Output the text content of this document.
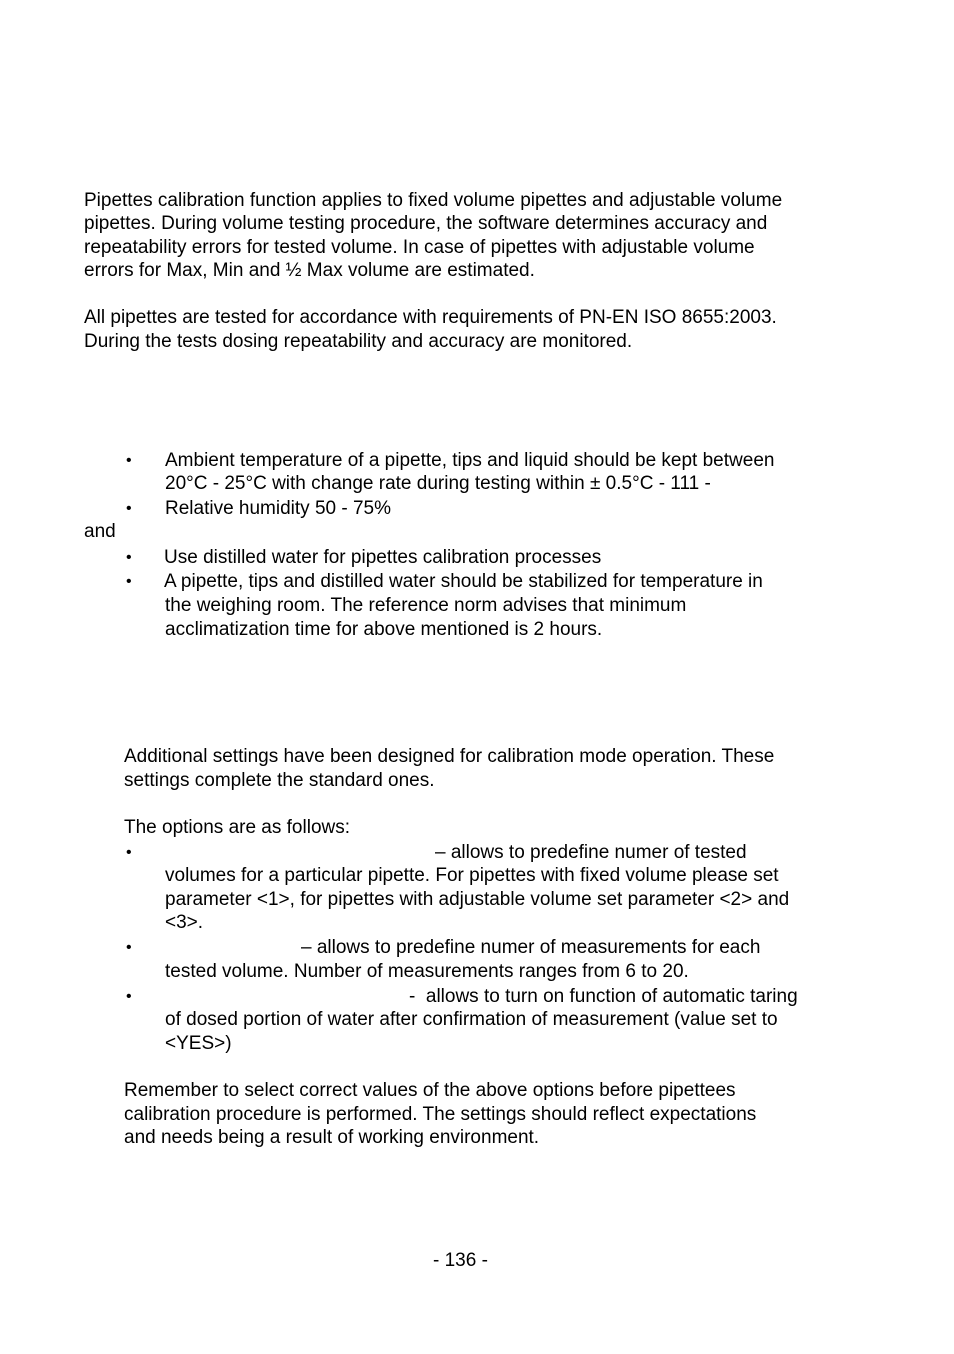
Pipettes calibration function applies to fixed volume pipettes and adjustable volume
pipettes. During volume testing procedure, the software determines accuracy and
repeatability errors for tested volume. In case of pipettes with adjustable volume
errors for Max, Min and ½ Max volume are estimated.
All pipettes are tested for accordance with requirements of PN-EN ISO 8655:2003.
During the tests dosing repeatability and accuracy are monitored.
• Ambient temperature of a pipette, tips and liquid should be kept between
20°C - 25°C with change rate during testing within ± 0.5°C - 111 -
• Relative humidity 50 - 75%
and
• Use distilled water for pipettes calibration processes
• A pipette, tips and distilled water should be stabilized for temperature in
the weighing room. The reference norm advises that minimum
acclimatization time for above mentioned is 2 hours.
Additional settings have been designed for calibration mode operation. These
settings complete the standard ones.
The options are as follows:
•	– allows to predefine numer of tested
volumes for a particular pipette. For pipettes with fixed volume please set
parameter <1>, for pipettes with adjustable volume set parameter <2> and
<3>.
•	– allows to predefine numer of measurements for each
tested volume. Number of measurements ranges from 6 to 20.
•	-  allows to turn on function of automatic taring
of dosed portion of water after confirmation of measurement (value set to
<YES>)
Remember to select correct values of the above options before pipettees
calibration procedure is performed. The settings should reflect expectations
and needs being a result of working environment.
- 136 -
